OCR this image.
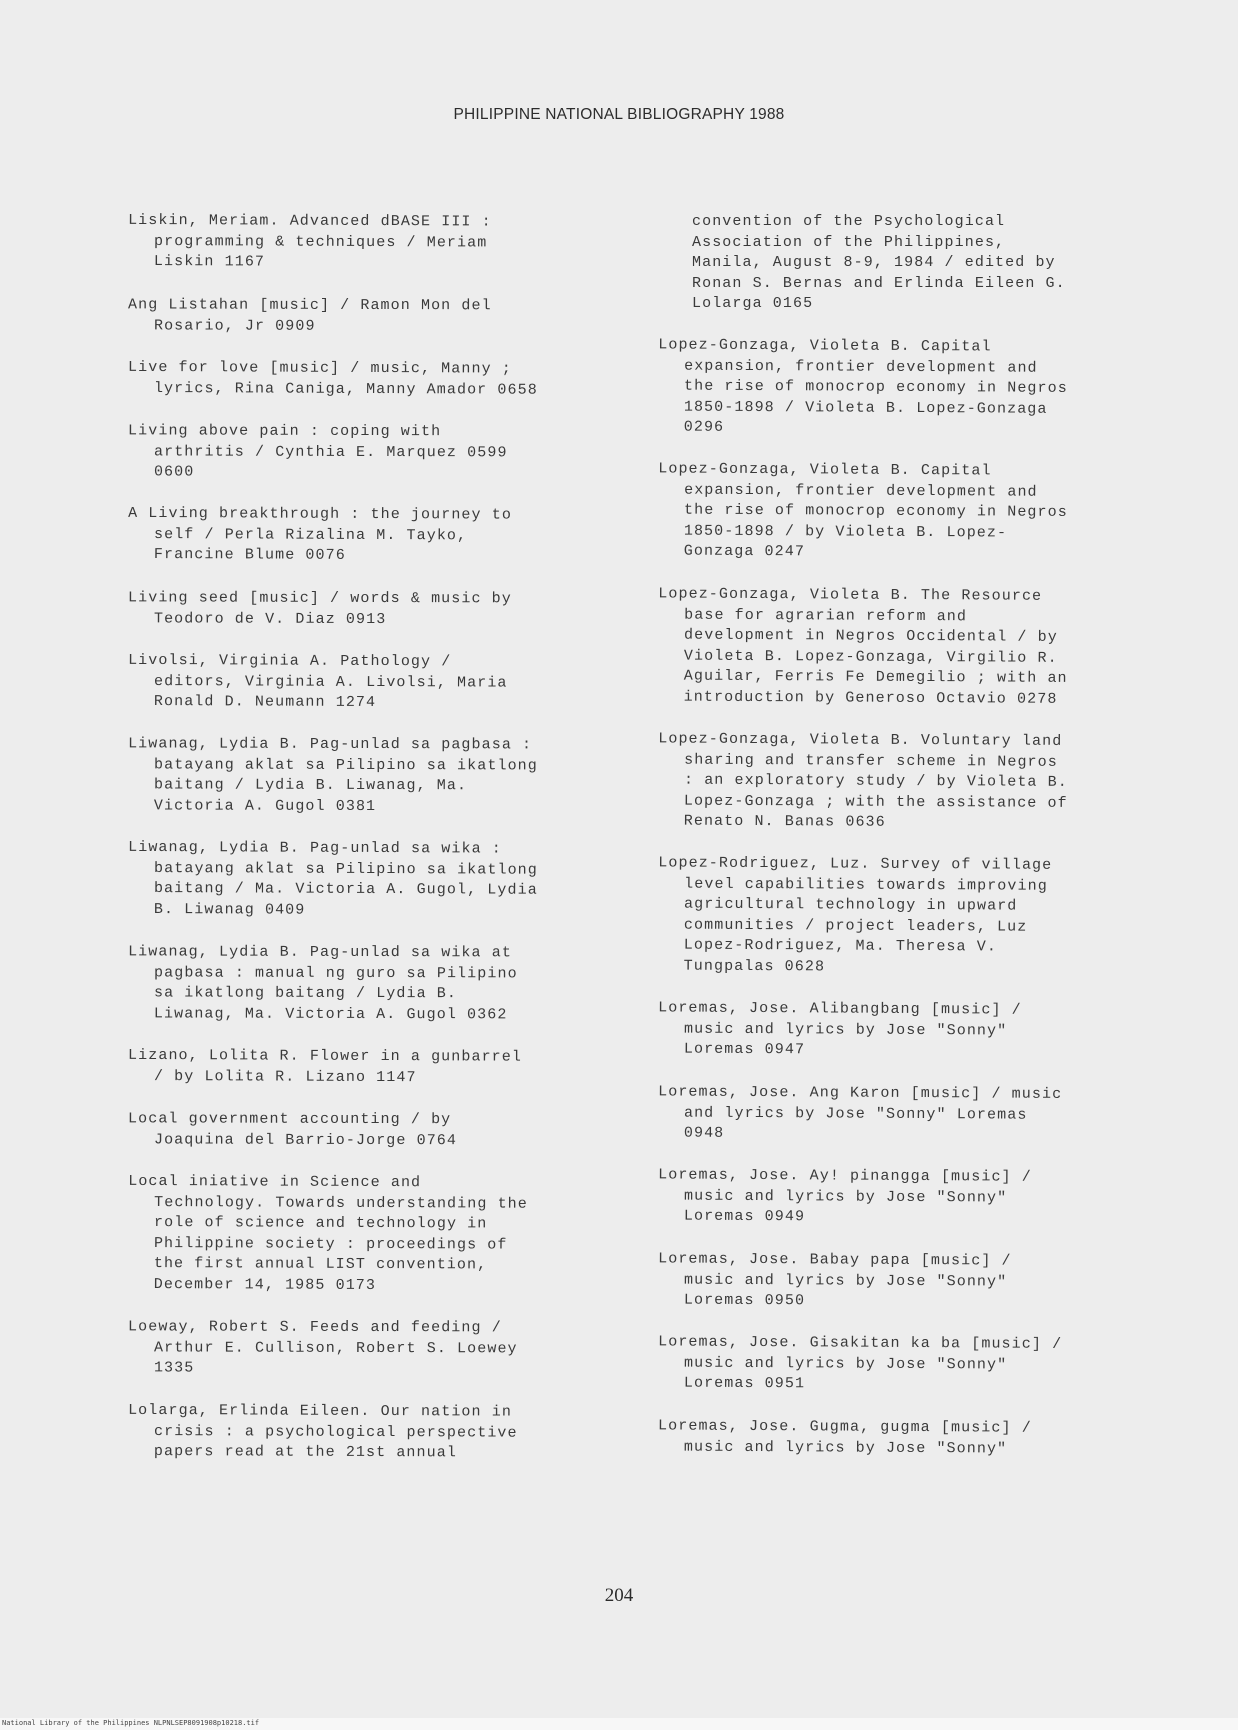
PHILIPPINE NATIONAL BIBLIOGRAPHY 1988
Liskin, Meriam. Advanced dBASE III :
programming & techniques / Meriam
Liskin 1167
Ang Listahan [music] / Ramon Mon del
Rosario, Jr 0909
Live for love [music] / music, Manny ;
lyrics, Rina Caniga, Manny Amador 0658
Living above pain : coping with
arthritis / Cynthia E. Marquez 0599
0600
A Living breakthrough : the journey to
self / Perla Rizalina M. Tayko,
Francine Blume 0076
Living seed [music] / words & music by
Teodoro de V. Diaz 0913
Livolsi, Virginia A. Pathology /
editors, Virginia A. Livolsi, Maria
Ronald D. Neumann 1274
Liwanag, Lydia B. Pag-unlad sa pagbasa :
batayang aklat sa Pilipino sa ikatlong
baitang / Lydia B. Liwanag, Ma.
Victoria A. Gugol 0381
Liwanag, Lydia B. Pag-unlad sa wika :
batayang aklat sa Pilipino sa ikatlong
baitang / Ma. Victoria A. Gugol, Lydia
B. Liwanag 0409
Liwanag, Lydia B. Pag-unlad sa wika at
pagbasa : manual ng guro sa Pilipino
sa ikatlong baitang / Lydia B.
Liwanag, Ma. Victoria A. Gugol 0362
Lizano, Lolita R. Flower in a gunbarrel
/ by Lolita R. Lizano 1147
Local government accounting / by
Joaquina del Barrio-Jorge 0764
Local iniative in Science and
Technology. Towards understanding the
role of science and technology in
Philippine society : proceedings of
the first annual LIST convention,
December 14, 1985 0173
Loeway, Robert S. Feeds and feeding /
Arthur E. Cullison, Robert S. Loewey
1335
Lolarga, Erlinda Eileen. Our nation in
crisis : a psychological perspective
papers read at the 21st annual
convention of the Psychological
Association of the Philippines,
Manila, August 8-9, 1984 / edited by
Ronan S. Bernas and Erlinda Eileen G.
Lolarga 0165
Lopez-Gonzaga, Violeta B. Capital
expansion, frontier development and
the rise of monocrop economy in Negros
1850-1898 / Violeta B. Lopez-Gonzaga
0296
Lopez-Gonzaga, Violeta B. Capital
expansion, frontier development and
the rise of monocrop economy in Negros
1850-1898 / by Violeta B. Lopez-
Gonzaga 0247
Lopez-Gonzaga, Violeta B. The Resource
base for agrarian reform and
development in Negros Occidental / by
Violeta B. Lopez-Gonzaga, Virgilio R.
Aguilar, Ferris Fe Demegilio ; with an
introduction by Generoso Octavio 0278
Lopez-Gonzaga, Violeta B. Voluntary land
sharing and transfer scheme in Negros
: an exploratory study / by Violeta B.
Lopez-Gonzaga ; with the assistance of
Renato N. Banas 0636
Lopez-Rodriguez, Luz. Survey of village
level capabilities towards improving
agricultural technology in upward
communities / project leaders, Luz
Lopez-Rodriguez, Ma. Theresa V.
Tungpalas 0628
Loremas, Jose. Alibangbang [music] /
music and lyrics by Jose "Sonny"
Loremas 0947
Loremas, Jose. Ang Karon [music] / music
and lyrics by Jose "Sonny" Loremas
0948
Loremas, Jose. Ay! pinangga [music] /
music and lyrics by Jose "Sonny"
Loremas 0949
Loremas, Jose. Babay papa [music] /
music and lyrics by Jose "Sonny"
Loremas 0950
Loremas, Jose. Gisakitan ka ba [music] /
music and lyrics by Jose "Sonny"
Loremas 0951
Loremas, Jose. Gugma, gugma [music] /
music and lyrics by Jose "Sonny"
204
National Library of the Philippines NLPNLSEP8091908p10218.tif
